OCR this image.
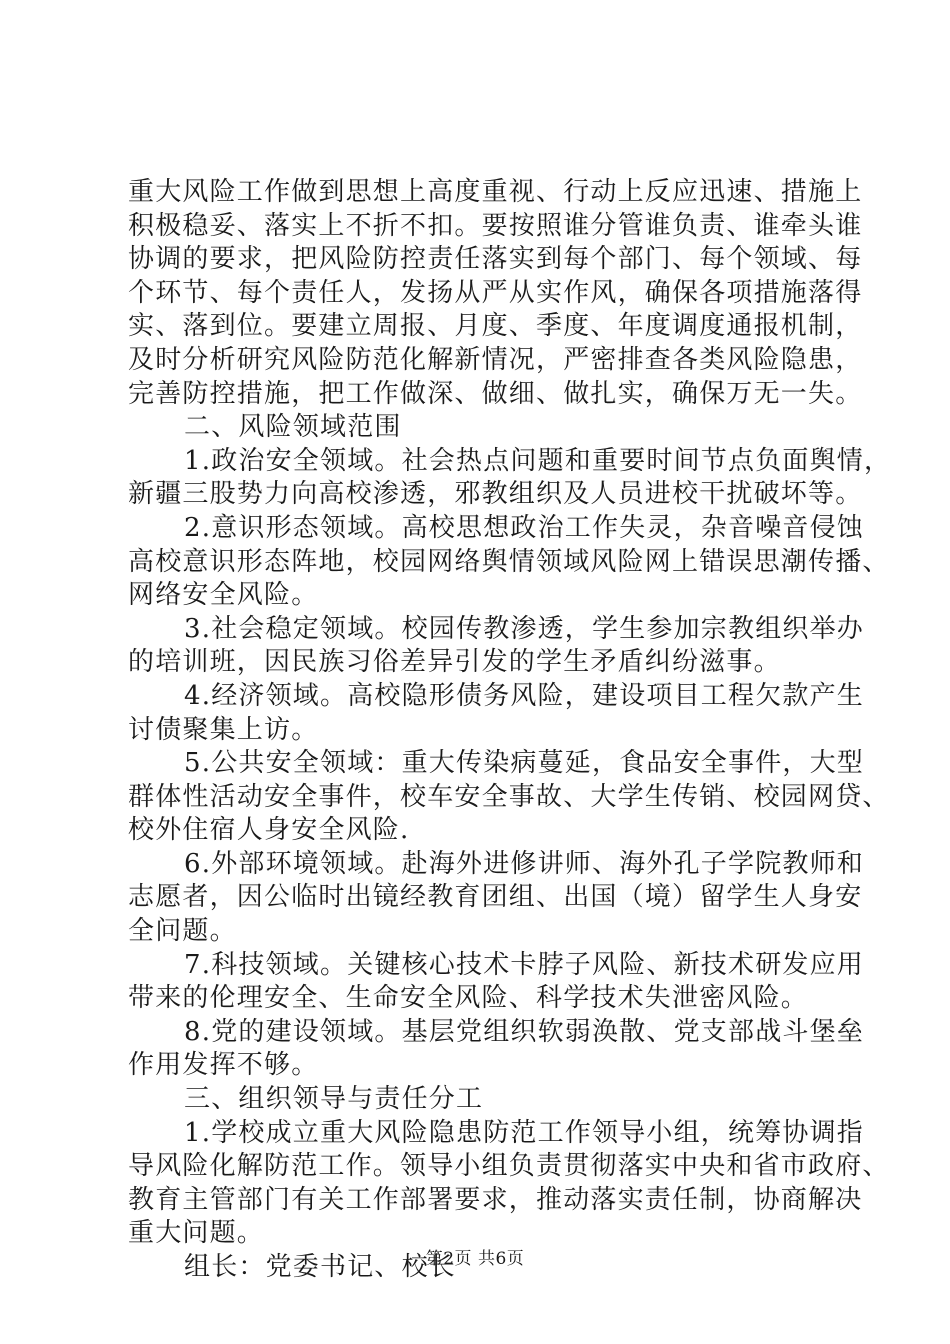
重大风险工作做到思想上高度重视、行动上反应迅速、措施上
积极稳妥、落实上不折不扣。要按照谁分管谁负责、谁牵头谁
协调的要求，把风险防控责任落实到每个部门、每个领域、每
个环节、每个责任人，发扬从严从实作风，确保各项措施落得
实、落到位。要建立周报、月度、季度、年度调度通报机制，
及时分析研究风险防范化解新情况，严密排查各类风险隐患，
完善防控措施，把工作做深、做细、做扎实，确保万无一失。
二、风险领域范围
1.政治安全领域。社会热点问题和重要时间节点负面舆情，
新疆三股势力向高校渗透，邪教组织及人员进校干扰破坏等。
2.意识形态领域。高校思想政治工作失灵，杂音噪音侵蚀
高校意识形态阵地，校园网络舆情领域风险网上错误思潮传播、
网络安全风险。
3.社会稳定领域。校园传教渗透，学生参加宗教组织举办
的培训班，因民族习俗差异引发的学生矛盾纠纷滋事。
4.经济领域。高校隐形债务风险，建设项目工程欠款产生
讨债聚集上访。
5.公共安全领域：重大传染病蔓延，食品安全事件，大型
群体性活动安全事件，校车安全事故、大学生传销、校园网贷、
校外住宿人身安全风险.
6.外部环境领域。赴海外进修讲师、海外孔子学院教师和
志愿者，因公临时出镜经教育团组、出国（境）留学生人身安
全问题。
7.科技领域。关键核心技术卡脖子风险、新技术研发应用
带来的伦理安全、生命安全风险、科学技术失泄密风险。
8.党的建设领域。基层党组织软弱涣散、党支部战斗堡垒
作用发挥不够。
三、组织领导与责任分工
1.学校成立重大风险隐患防范工作领导小组，统筹协调指
导风险化解防范工作。领导小组负责贯彻落实中央和省市政府、
教育主管部门有关工作部署要求，推动落实责任制，协商解决
重大问题。
组长：党委书记、校长
第2页 共6页
